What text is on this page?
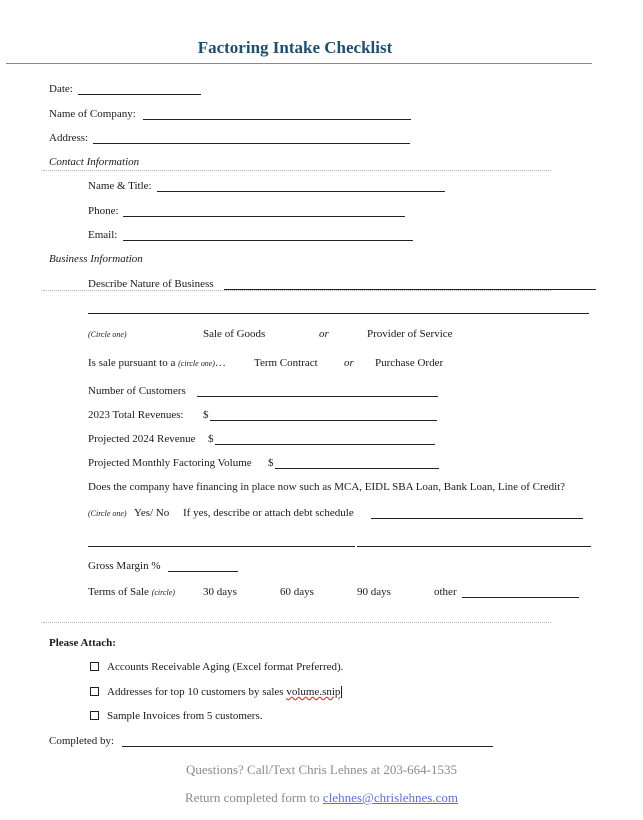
Factoring Intake Checklist
Date:
Name of Company:
Address:
Contact Information
Name & Title:
Phone:
Email:
Business Information
Describe Nature of Business
(Circle one)	Sale of Goods	or	Provider of Service
Is sale pursuant to a (circle one)…	Term Contract or Purchase Order
Number of Customers
2023 Total Revenues: $
Projected 2024 Revenue $
Projected Monthly Factoring Volume $
Does the company have financing in place now such as MCA, EIDL SBA Loan, Bank Loan, Line of Credit?
(Circle one) Yes/ No If yes, describe or attach debt schedule
Gross Margin %
Terms of Sale (circle)	30 days	60 days	90 days	other
Please Attach:
Accounts Receivable Aging (Excel format Preferred).
Addresses for top 10 customers by sales volume.snip
Sample Invoices from 5 customers.
Completed by:
Questions? Call/Text Chris Lehnes at 203-664-1535
Return completed form to clehnes@chrislehnes.com
